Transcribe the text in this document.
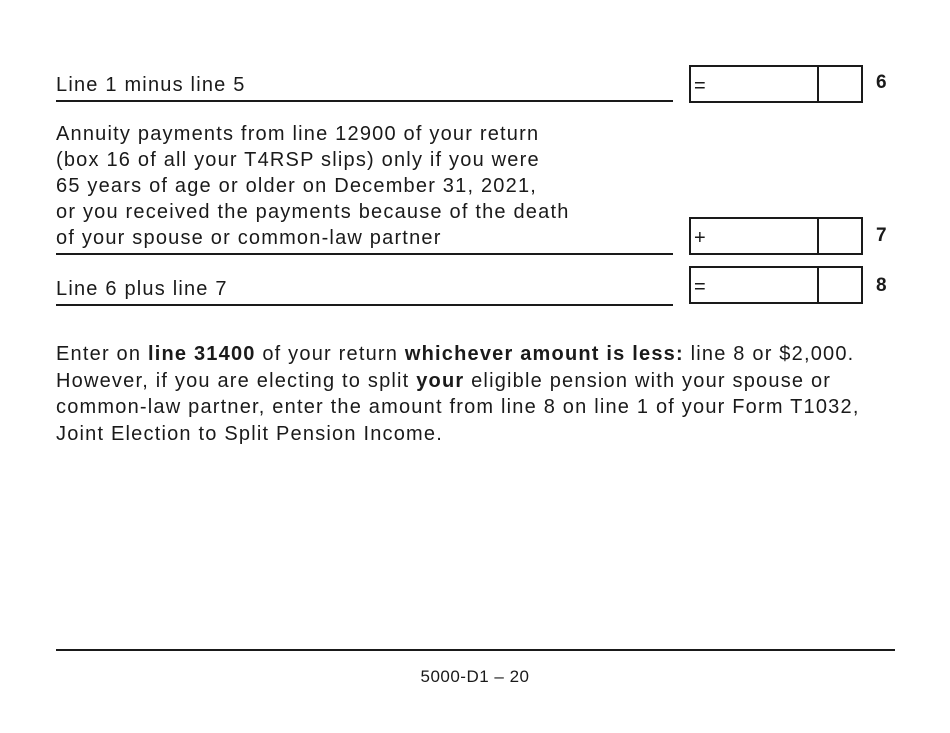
Line 1 minus line 5	=	6
Annuity payments from line 12900 of your return
(box 16 of all your T4RSP slips) only if you were
65 years of age or older on December 31, 2021,
or you received the payments because of the death
of your spouse or common-law partner	+	7
Line 6 plus line 7	=	8

Enter on line 31400 of your return whichever amount is less: line 8 or $2,000. However, if you are electing to split your eligible pension with your spouse or common-law partner, enter the amount from line 8 on line 1 of your Form T1032, Joint Election to Split Pension Income.

5000-D1 – 20
